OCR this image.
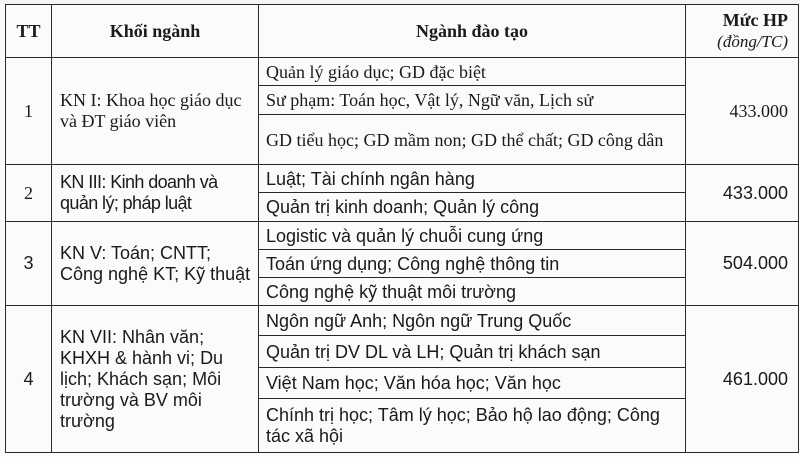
TT	Khối ngành	Ngành đào tạo	Mức HP
(đồng/TC)

1	KN I: Khoa học giáo dục và ĐT giáo viên	Quản lý giáo dục; GD đặc biệt	433.000
		Sư phạm: Toán học, Vật lý, Ngữ văn, Lịch sử	
		GD tiểu học; GD mầm non; GD thể chất; GD công dân	
2	KN III: Kinh doanh và quản lý; pháp luật	Luật; Tài chính ngân hàng	433.000
		Quản trị kinh doanh; Quản lý công	
3	KN V: Toán; CNTT; Công nghệ KT; Kỹ thuật	Logistic và quản lý chuỗi cung ứng	504.000
		Toán ứng dụng; Công nghệ thông tin	
		Công nghệ kỹ thuật môi trường	
4	KN VII: Nhân văn; KHXH & hành vi; Du lịch; Khách sạn; Môi trường và BV môi trường	Ngôn ngữ Anh; Ngôn ngữ Trung Quốc	461.000
		Quản trị DV DL và LH; Quản trị khách sạn	
		Việt Nam học; Văn hóa học; Văn học	
		Chính trị học; Tâm lý học; Bảo hộ lao động; Công tác xã hội	
